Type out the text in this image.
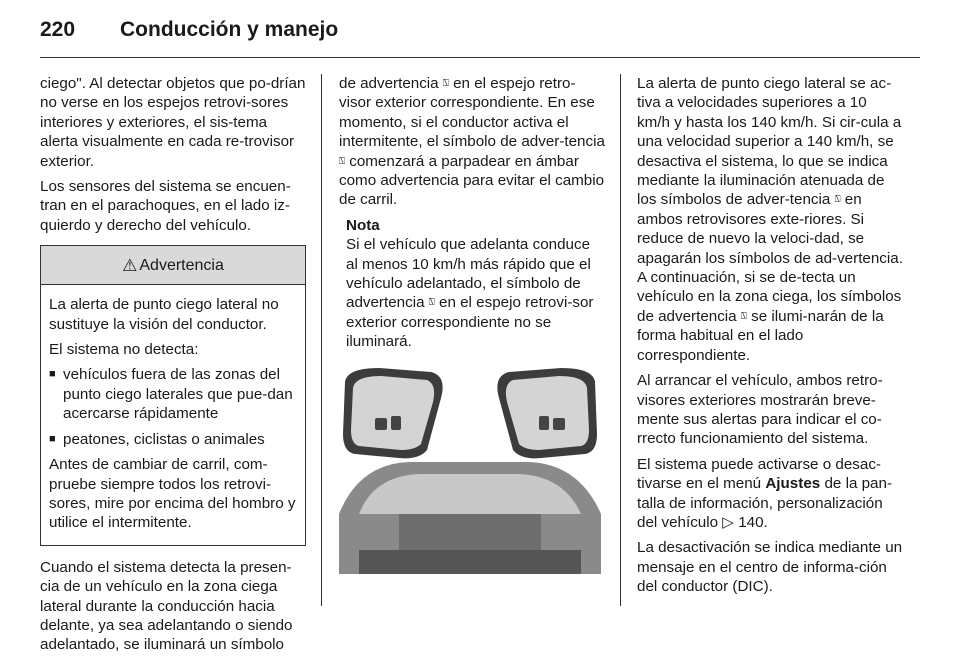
220 Conducción y manejo

ciego". Al detectar objetos que po-drían no verse en los espejos retrovi-sores interiores y exteriores, el sis-tema alerta visualmente en cada re-trovisor exterior.

Los sensores del sistema se encuen-tran en el parachoques, en el lado iz-quierdo y derecho del vehículo.

⚠ Advertencia

La alerta de punto ciego lateral no sustituye la visión del conductor.

El sistema no detecta:

■ vehículos fuera de las zonas del punto ciego laterales que pue-dan acercarse rápidamente
■ peatones, ciclistas o animales

Antes de cambiar de carril, com-pruebe siempre todos los retrovi-sores, mire por encima del hombro y utilice el intermitente.

Cuando el sistema detecta la presen-cia de un vehículo en la zona ciega lateral durante la conducción hacia delante, ya sea adelantando o siendo adelantado, se iluminará un símbolo

de advertencia ⍂ en el espejo retro-visor exterior correspondiente. En ese momento, si el conductor activa el intermitente, el símbolo de adver-tencia ⍂ comenzará a parpadear en ámbar como advertencia para evitar el cambio de carril.

Nota
Si el vehículo que adelanta conduce al menos 10 km/h más rápido que el vehículo adelantado, el símbolo de advertencia ⍂ en el espejo retrovi-sor exterior correspondiente no se iluminará.

La alerta de punto ciego lateral se ac-tiva a velocidades superiores a 10 km/h y hasta los 140 km/h. Si cir-cula a una velocidad superior a 140 km/h, se desactiva el sistema, lo que se indica mediante la iluminación atenuada de los símbolos de adver-tencia ⍂ en ambos retrovisores exte-riores. Si reduce de nuevo la veloci-dad, se apagarán los símbolos de ad-vertencia. A continuación, si se de-tecta un vehículo en la zona ciega, los símbolos de advertencia ⍂ se ilumi-narán de la forma habitual en el lado correspondiente.

Al arrancar el vehículo, ambos retro-visores exteriores mostrarán breve-mente sus alertas para indicar el co-rrecto funcionamiento del sistema.

El sistema puede activarse o desac-tivarse en el menú Ajustes de la pan-talla de información, personalización del vehículo ▷ 140.

La desactivación se indica mediante un mensaje en el centro de informa-ción del conductor (DIC).
